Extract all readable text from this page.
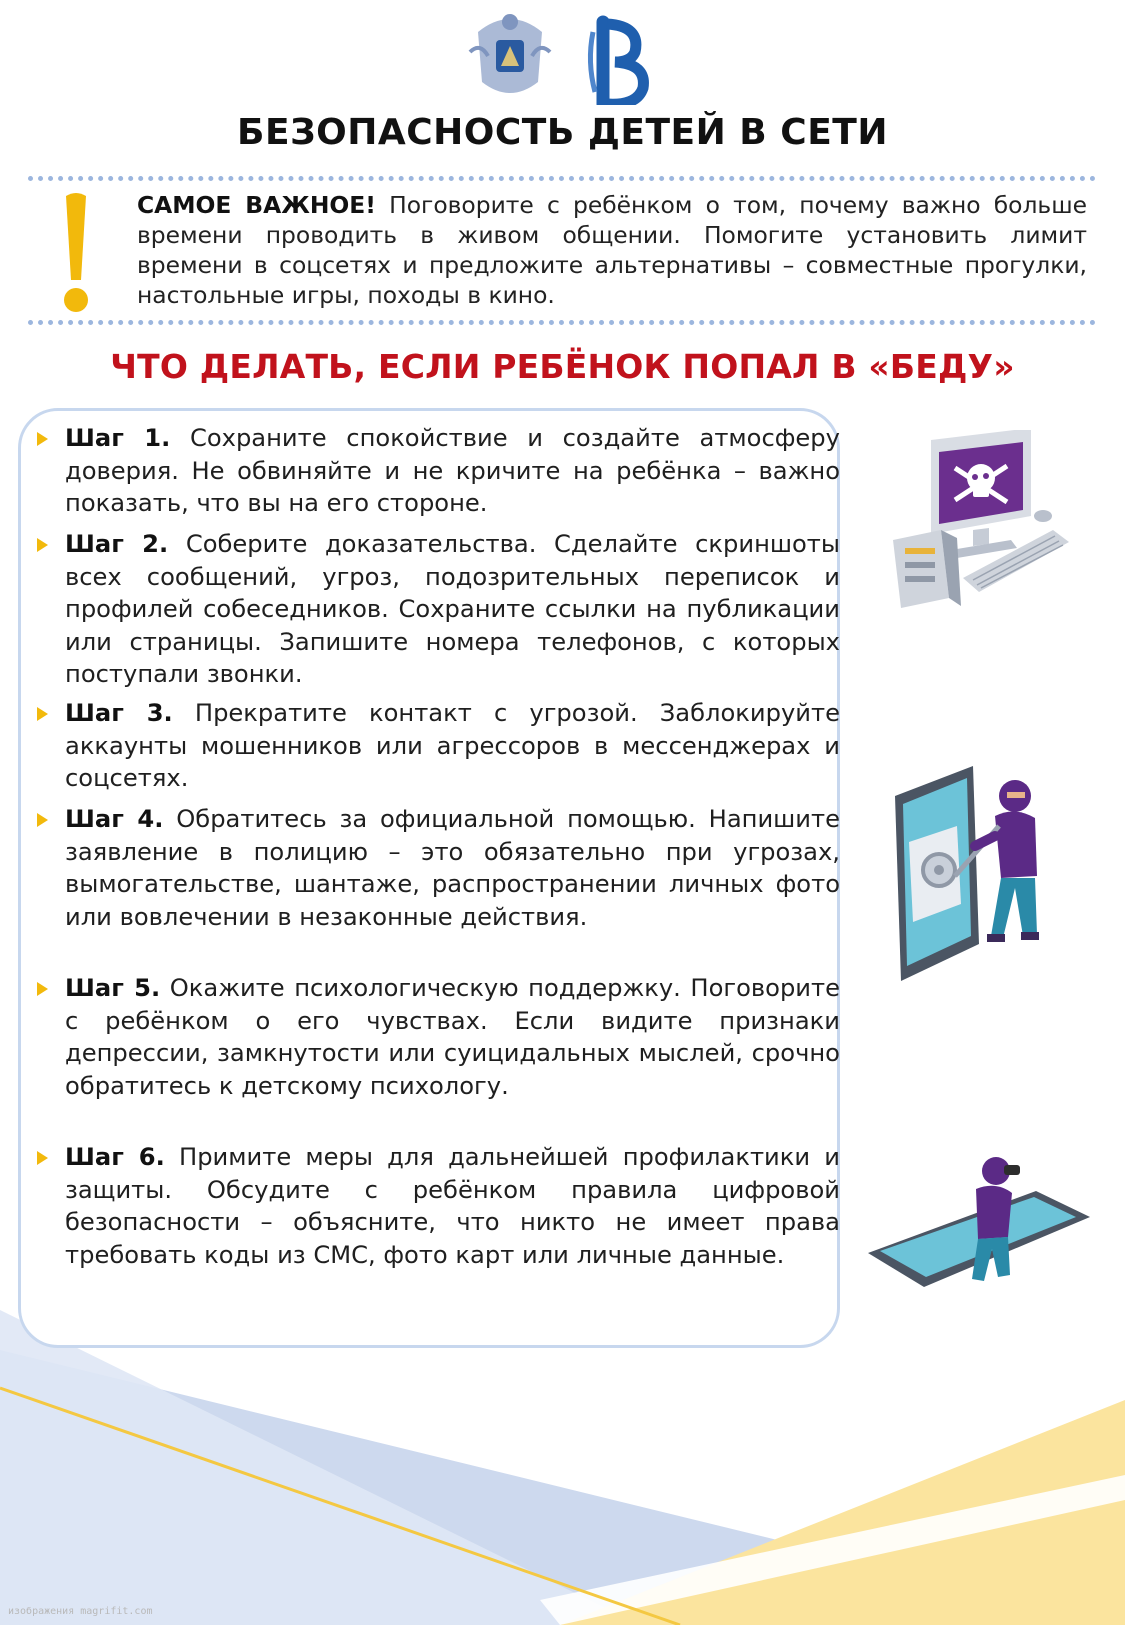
БЕЗОПАСНОСТЬ ДЕТЕЙ В СЕТИ
САМОЕ ВАЖНОЕ! Поговорите с ребёнком о том, почему важно больше времени проводить в живом общении. Помогите установить лимит времени в соцсетях и предложите альтернативы – совместные прогулки, настольные игры, походы в кино.
ЧТО ДЕЛАТЬ, ЕСЛИ РЕБЁНОК ПОПАЛ В «БЕДУ»
Шаг 1. Сохраните спокойствие и создайте атмосферу доверия. Не обвиняйте и не кричите на ребёнка – важно показать, что вы на его стороне.
Шаг 2. Соберите доказательства. Сделайте скриншоты всех сообщений, угроз, подозрительных переписок и профилей собеседников. Сохраните ссылки на публикации или страницы. Запишите номера телефонов, с которых поступали звонки.
Шаг 3. Прекратите контакт с угрозой. Заблокируйте аккаунты мошенников или агрессоров в мессенджерах и соцсетях.
Шаг 4. Обратитесь за официальной помощью. Напишите заявление в полицию – это обязательно при угрозах, вымогательстве, шантаже, распространении личных фото или вовлечении в незаконные действия.
Шаг 5. Окажите психологическую поддержку. Поговорите с ребёнком о его чувствах. Если видите признаки депрессии, замкнутости или суицидальных мыслей, срочно обратитесь к детскому психологу.
Шаг 6. Примите меры для дальнейшей профилактики и защиты. Обсудите с ребёнком правила цифровой безопасности – объясните, что никто не имеет права требовать коды из СМС, фото карт или личные данные.
изображения magrifit.com
